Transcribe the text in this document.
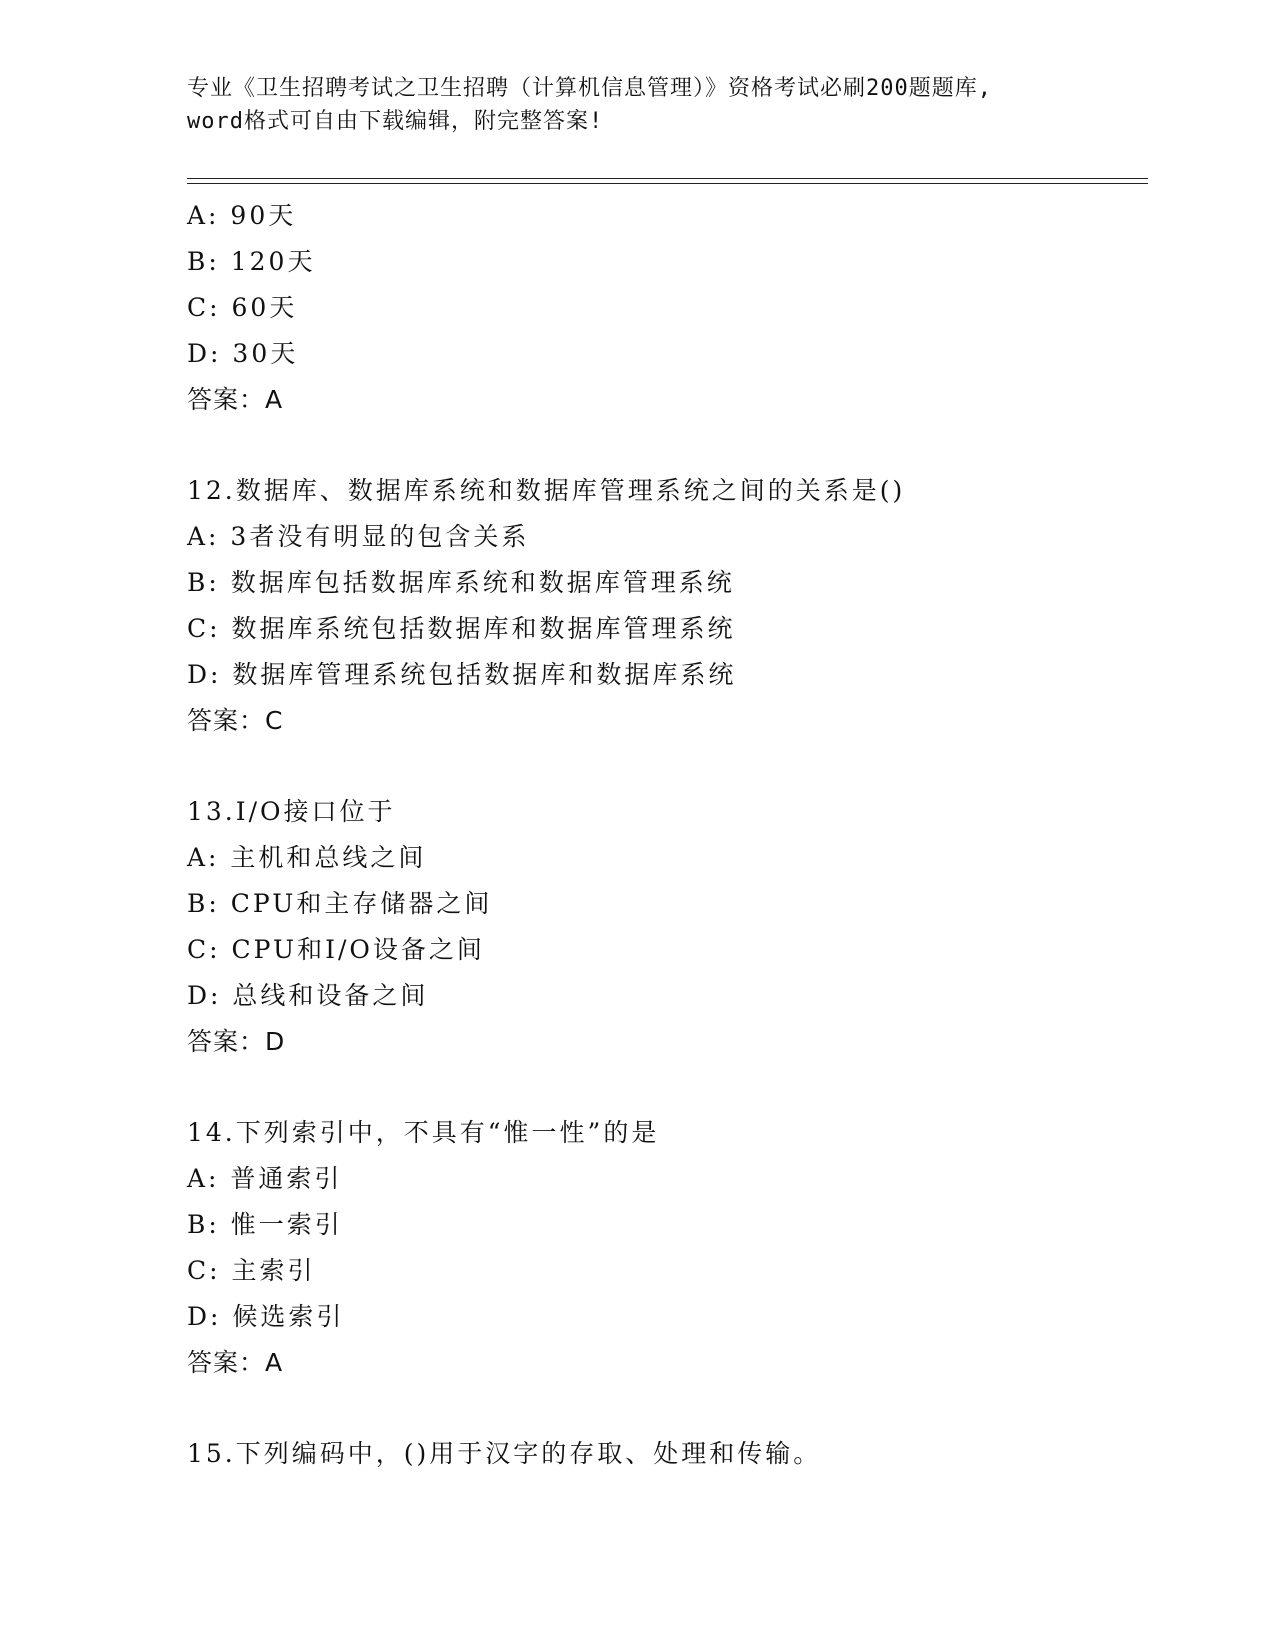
专业《卫生招聘考试之卫生招聘（计算机信息管理）》资格考试必刷200题题库,

word格式可自由下载编辑，附完整答案!

A: 90天
B: 120天
C: 60天
D: 30天
答案：A
12.数据库、数据库系统和数据库管理系统之间的关系是()
A: 3者没有明显的包含关系
B: 数据库包括数据库系统和数据库管理系统
C: 数据库系统包括数据库和数据库管理系统
D: 数据库管理系统包括数据库和数据库系统
答案：C
13.I/O接口位于
A: 主机和总线之间
B: CPU和主存储器之间
C: CPU和I/O设备之间
D: 总线和设备之间
答案：D
14.下列索引中，不具有“惟一性”的是
A: 普通索引
B: 惟一索引
C: 主索引
D: 候选索引
答案：A
15.下列编码中，()用于汉字的存取、处理和传输。
